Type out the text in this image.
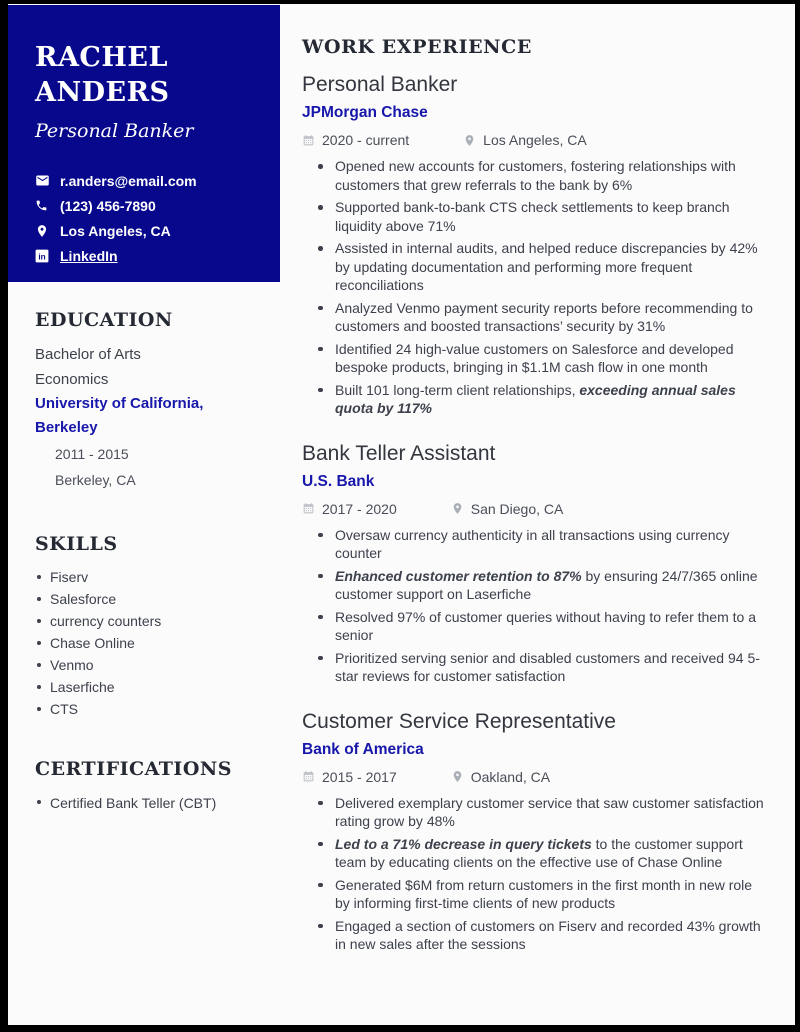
RACHEL ANDERS
Personal Banker
r.anders@email.com
(123) 456-7890
Los Angeles, CA
in LinkedIn
EDUCATION
Bachelor of Arts
Economics
University of California, Berkeley
2011 - 2015
Berkeley, CA
SKILLS
Fiserv
Salesforce
currency counters
Chase Online
Venmo
Laserfiche
CTS
CERTIFICATIONS
Certified Bank Teller (CBT)
WORK EXPERIENCE
Personal Banker
JPMorgan Chase
2020 - current	Los Angeles, CA
Opened new accounts for customers, fostering relationships with customers that grew referrals to the bank by 6%
Supported bank-to-bank CTS check settlements to keep branch liquidity above 71%
Assisted in internal audits, and helped reduce discrepancies by 42% by updating documentation and performing more frequent reconciliations
Analyzed Venmo payment security reports before recommending to customers and boosted transactions’ security by 31%
Identified 24 high-value customers on Salesforce and developed bespoke products, bringing in $1.1M cash flow in one month
Built 101 long-term client relationships, exceeding annual sales quota by 117%
Bank Teller Assistant
U.S. Bank
2017 - 2020	San Diego, CA
Oversaw currency authenticity in all transactions using currency counter
Enhanced customer retention to 87% by ensuring 24/7/365 online customer support on Laserfiche
Resolved 97% of customer queries without having to refer them to a senior
Prioritized serving senior and disabled customers and received 94 5-star reviews for customer satisfaction
Customer Service Representative
Bank of America
2015 - 2017	Oakland, CA
Delivered exemplary customer service that saw customer satisfaction rating grow by 48%
Led to a 71% decrease in query tickets to the customer support team by educating clients on the effective use of Chase Online
Generated $6M from return customers in the first month in new role by informing first-time clients of new products
Engaged a section of customers on Fiserv and recorded 43% growth in new sales after the sessions
